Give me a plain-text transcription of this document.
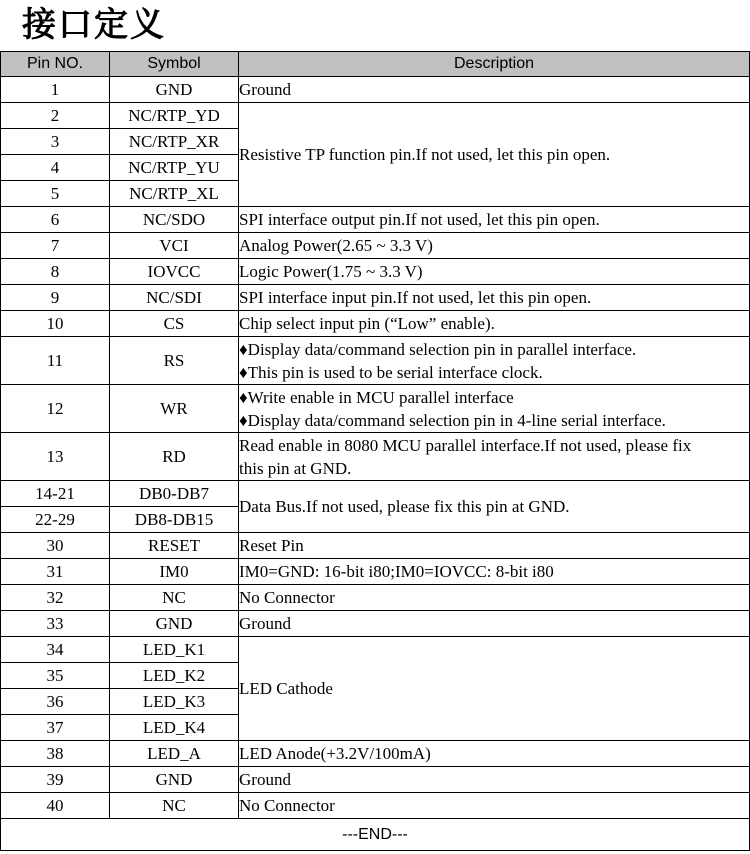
接口定义
Pin NO.	Symbol	Description
1	GND	Ground

2	NC/RTP_YD	Resistive TP function pin.If not used, let this pin open.

3	NC/RTP_XR	
4	NC/RTP_YU	
5	NC/RTP_XL	
6	NC/SDO	SPI interface output pin.If not used, let this pin open.

7	VCI	Analog Power(2.65 ~ 3.3 V)

8	IOVCC	Logic Power(1.75 ~ 3.3 V)

9	NC/SDI	SPI interface input pin.If not used, let this pin open.

10	CS	Chip select input pin (“Low” enable).

11	RS	♦Display data/command selection pin in parallel interface.
♦This pin is used to be serial interface clock.

12	WR	♦Write enable in MCU parallel interface
♦Display data/command selection pin in 4-line serial interface.

13	RD	Read enable in 8080 MCU parallel interface.If not used, please fix
this pin at GND.

14-21	DB0-DB7	Data Bus.If not used, please fix this pin at GND.

22-29	DB8-DB15	
30	RESET	Reset Pin

31	IM0	IM0=GND: 16-bit i80;IM0=IOVCC: 8-bit i80

32	NC	No Connector

33	GND	Ground

34	LED_K1	LED Cathode

35	LED_K2	
36	LED_K3	
37	LED_K4	
38	LED_A	LED Anode(+3.2V/100mA)

39	GND	Ground

40	NC	No Connector

---END---		
